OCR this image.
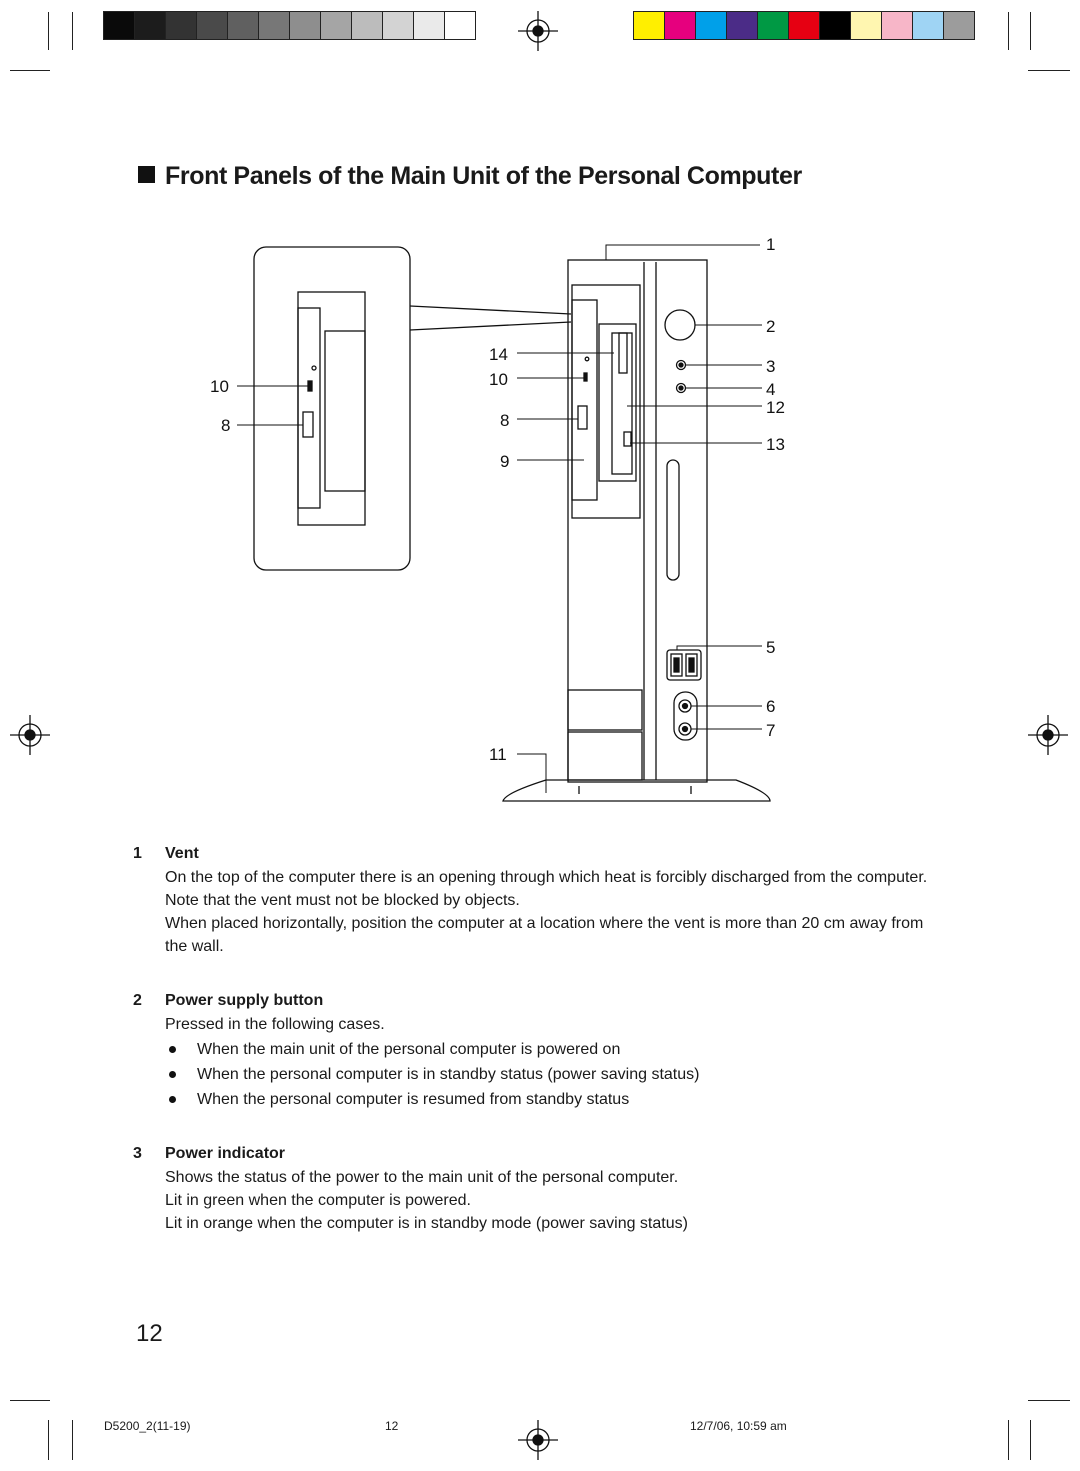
Front Panels of the Main Unit of the Personal Computer
1
2
3
4
12
13
5
6
7
14
10
8
9
11
10
8
1 Vent

On the top of the computer there is an opening through which heat is forcibly discharged from the computer. Note that the vent must not be blocked by objects.

When placed horizontally, position the computer at a location where the vent is more than 20 cm away from the wall.

2 Power supply button

Pressed in the following cases.

When the main unit of the personal computer is powered on
When the personal computer is in standby status (power saving status)
When the personal computer is resumed from standby status
3 Power indicator

Shows the status of the power to the main unit of the personal computer.

Lit in green when the computer is powered.

Lit in orange when the computer is in standby mode (power saving status)

12
D5200_2(11-19)	12	12/7/06, 10:59 am
